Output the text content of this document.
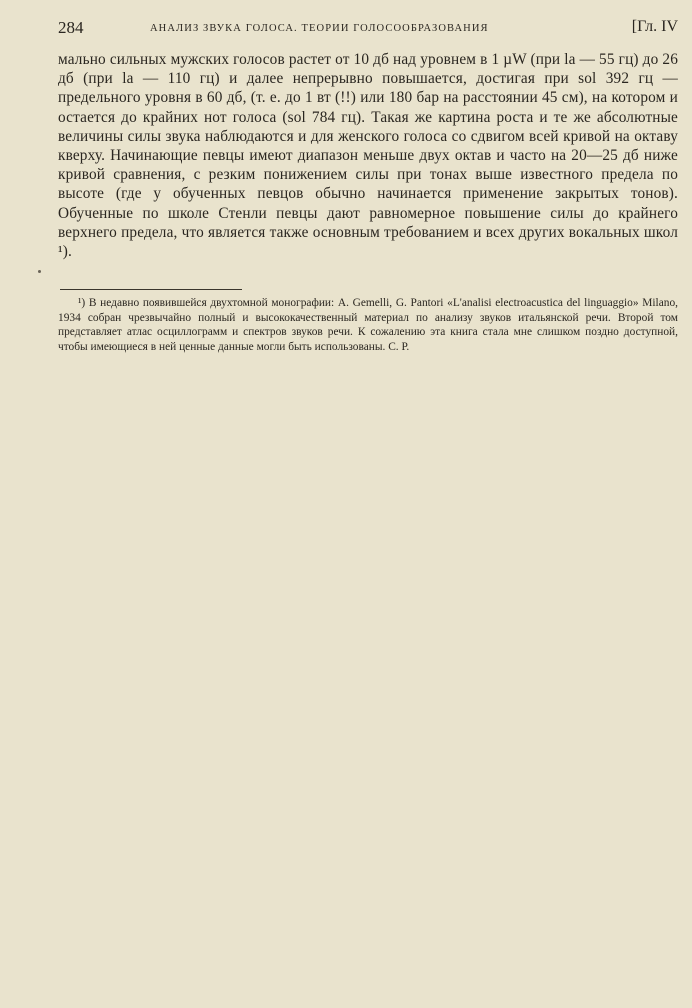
284	АНАЛИЗ ЗВУКА ГОЛОСА. ТЕОРИИ ГОЛОСООБРАЗОВАНИЯ	[Гл. IV

мально сильных мужских голосов растет от 10 дб над уровнем в 1 µW (при la — 55 гц) до 26 дб (при la — 110 гц) и далее непрерывно повышается, достигая при sol 392 гц — предельного уровня в 60 дб, (т. е. до 1 вт (!!) или 180 бар на расстоянии 45 см), на котором и остается до крайних нот голоса (sol 784 гц). Такая же картина роста и те же абсолютные величины силы звука наблюдаются и для женского голоса со сдвигом всей кривой на октаву кверху. Начинающие певцы имеют диапазон меньше двух октав и часто на 20—25 дб ниже кривой сравнения, с резким понижением силы при тонах выше известного предела по высоте (где у обученных певцов обычно начинается применение закрытых тонов). Обученные по школе Стенли певцы дают равномерное повышение силы до крайнего верхнего предела, что является также основным требованием и всех других вокальных школ ¹).

¹) В недавно появившейся двухтомной монографии: A. Gemelli, G. Pantori «L'analisi electroacustica del linguaggio» Milano, 1934 собран чрезвычайно полный и высококачественный материал по анализу звуков итальянской речи. Второй том представляет атлас осциллограмм и спектров звуков речи. К сожалению эта книга стала мне слишком поздно доступной, чтобы имеющиеся в ней ценные данные могли быть использованы. С. Р.
